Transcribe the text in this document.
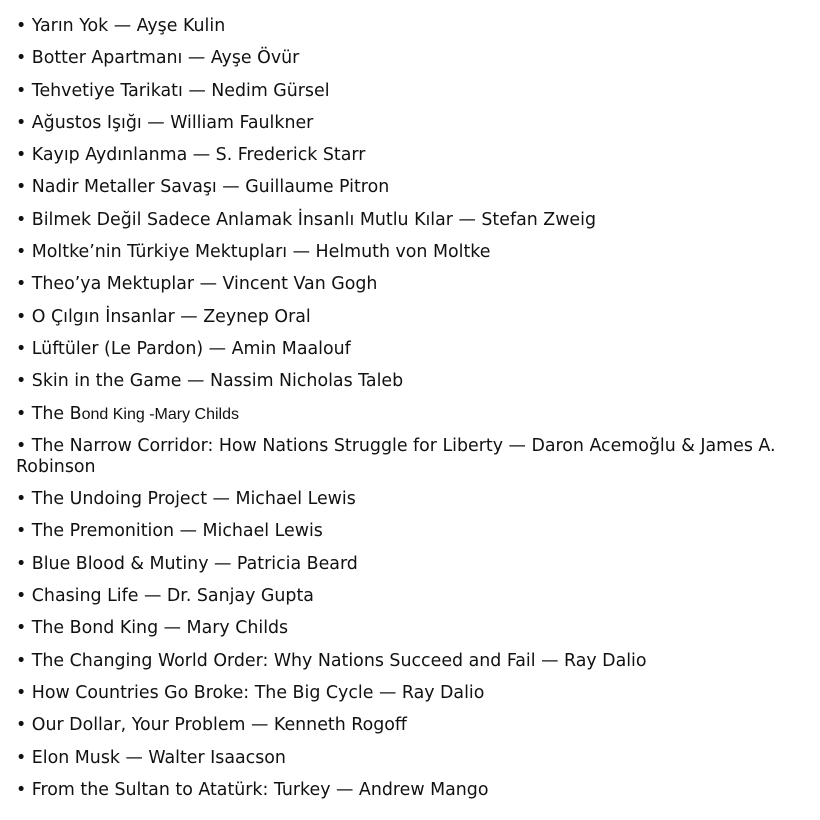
• Yarın Yok — Ayşe Kulin
• Botter Apartmanı — Ayşe Övür
• Tehvetiye Tarikatı — Nedim Gürsel
• Ağustos Işığı — William Faulkner
• Kayıp Aydınlanma — S. Frederick Starr
• Nadir Metaller Savaşı — Guillaume Pitron
• Bilmek Değil Sadece Anlamak İnsanlı Mutlu Kılar — Stefan Zweig
• Moltke’nin Türkiye Mektupları — Helmuth von Moltke
• Theo’ya Mektuplar — Vincent Van Gogh
• O Çılgın İnsanlar — Zeynep Oral
• Lüftüler (Le Pardon) — Amin Maalouf
• Skin in the Game — Nassim Nicholas Taleb
• The Bond King -Mary Childs
• The Narrow Corridor: How Nations Struggle for Liberty — Daron Acemoğlu & James A. Robinson
• The Undoing Project — Michael Lewis
• The Premonition — Michael Lewis
• Blue Blood & Mutiny — Patricia Beard
• Chasing Life — Dr. Sanjay Gupta
• The Bond King — Mary Childs
• The Changing World Order: Why Nations Succeed and Fail — Ray Dalio
• How Countries Go Broke: The Big Cycle — Ray Dalio
• Our Dollar, Your Problem — Kenneth Rogoff
• Elon Musk — Walter Isaacson
• From the Sultan to Atatürk: Turkey — Andrew Mango
